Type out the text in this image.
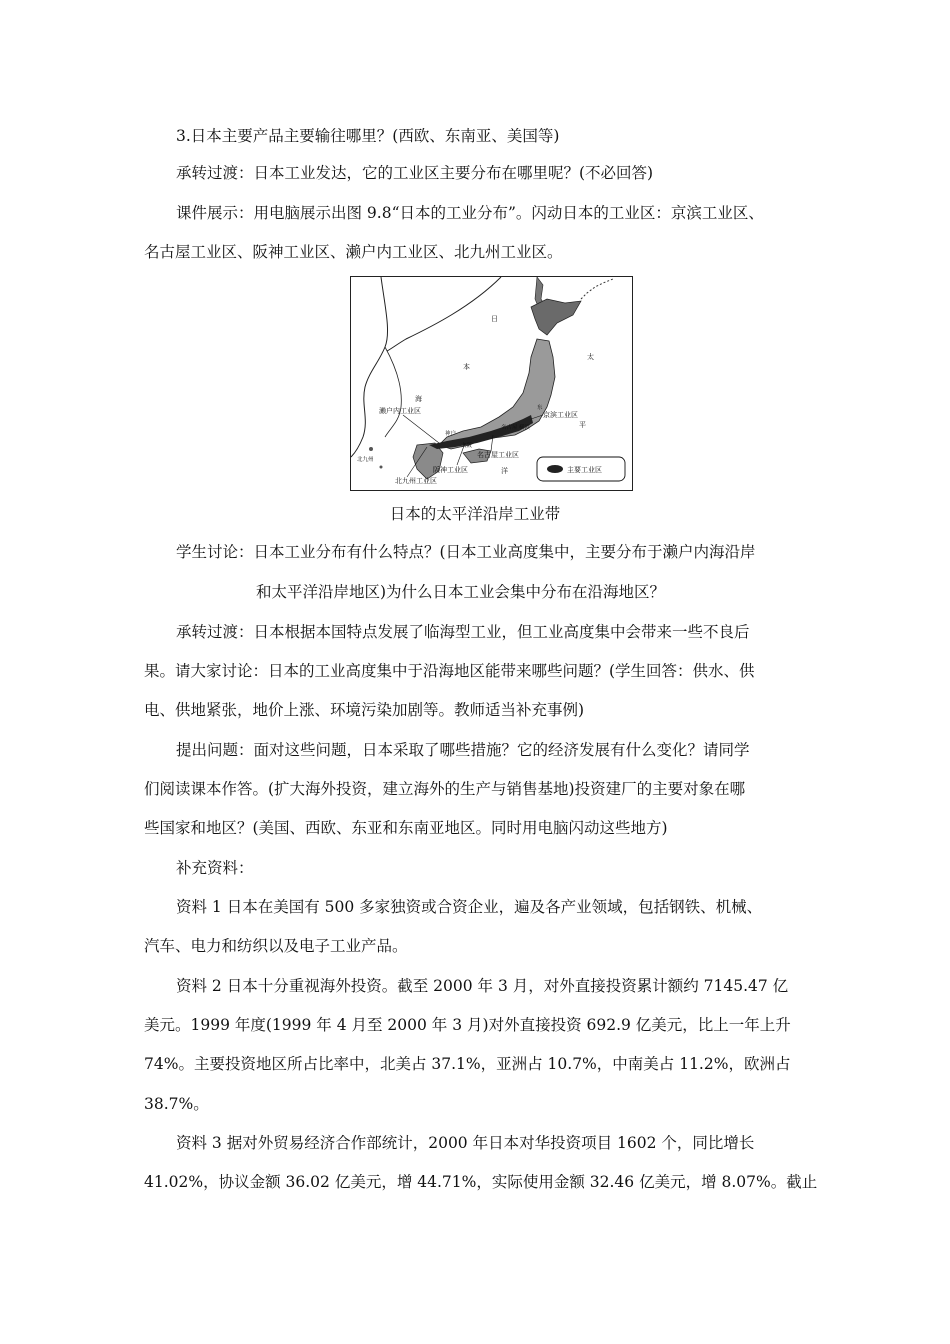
3.日本主要产品主要输往哪里？(西欧、东南亚、美国等)

承转过渡：日本工业发达，它的工业区主要分布在哪里呢？(不必回答)

课件展示：用电脑展示出图 9.8“日本的工业分布”。闪动日本的工业区：京滨工业区、

名古屋工业区、阪神工业区、濑户内工业区、北九州工业区。

日
本
海
太
平
洋
濑户内工业区	京滨工业区
名古屋工业区
阪神工业区
北九州工业区
北九州
东
名古屋 横滨
神户
大阪
主要工业区

日本的太平洋沿岸工业带

学生讨论：日本工业分布有什么特点？(日本工业高度集中，主要分布于濑户内海沿岸

和太平洋沿岸地区)为什么日本工业会集中分布在沿海地区？

承转过渡：日本根据本国特点发展了临海型工业，但工业高度集中会带来一些不良后

果。请大家讨论：日本的工业高度集中于沿海地区能带来哪些问题？(学生回答：供水、供

电、供地紧张，地价上涨、环境污染加剧等。教师适当补充事例)

提出问题：面对这些问题，日本采取了哪些措施？它的经济发展有什么变化？请同学

们阅读课本作答。(扩大海外投资，建立海外的生产与销售基地)投资建厂的主要对象在哪

些国家和地区？(美国、西欧、东亚和东南亚地区。同时用电脑闪动这些地方)

补充资料：

资料 1 日本在美国有 500 多家独资或合资企业，遍及各产业领域，包括钢铁、机械、

汽车、电力和纺织以及电子工业产品。

资料 2 日本十分重视海外投资。截至 2000 年 3 月，对外直接投资累计额约 7145.47 亿

美元。1999 年度(1999 年 4 月至 2000 年 3 月)对外直接投资 692.9 亿美元，比上一年上升

74%。主要投资地区所占比率中，北美占 37.1%，亚洲占 10.7%，中南美占 11.2%，欧洲占

38.7%。

资料 3 据对外贸易经济合作部统计，2000 年日本对华投资项目 1602 个，同比增长

41.02%，协议金额 36.02 亿美元，增 44.71%，实际使用金额 32.46 亿美元，增 8.07%。截止
